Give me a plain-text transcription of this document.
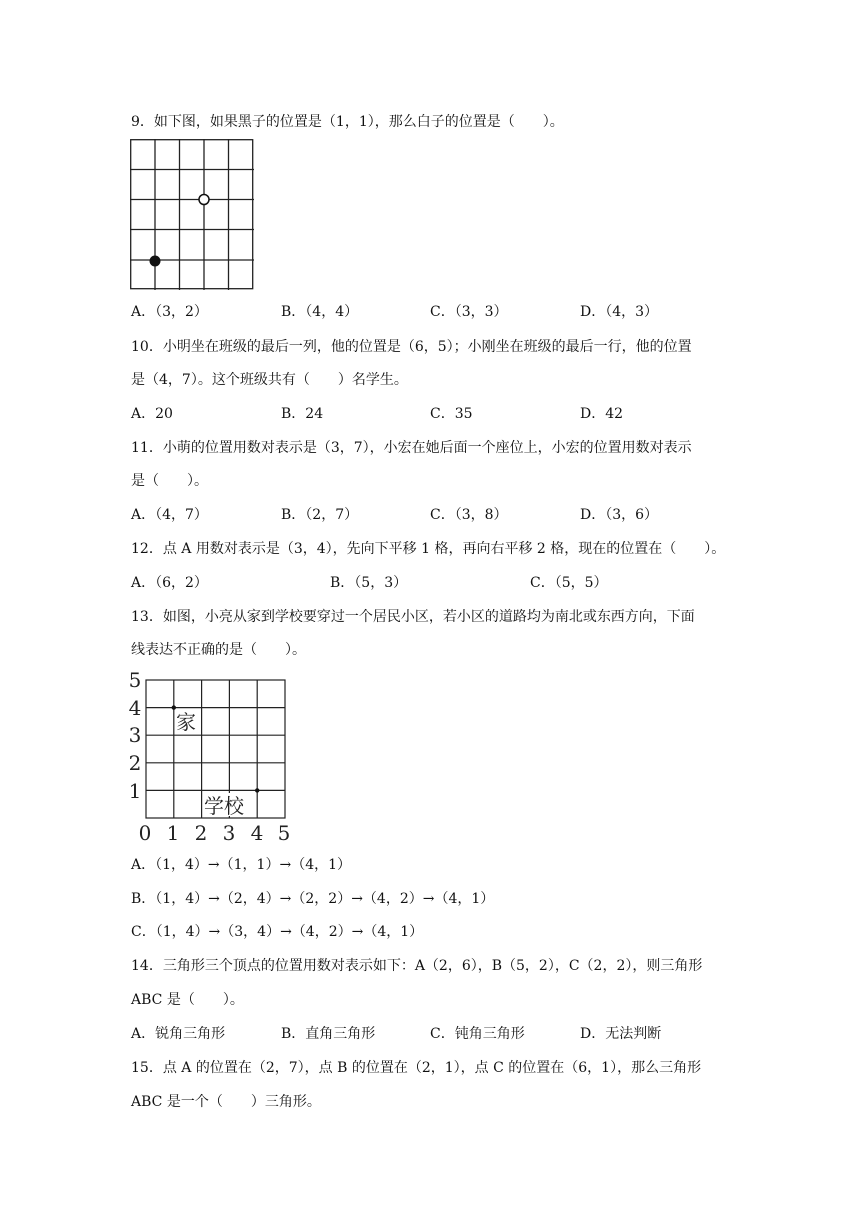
9．如下图，如果黑子的位置是（1，1），那么白子的位置是（　　）。
A．（3，2）	B．（4，4）	C．（3，3）	D．（4，3）
10．小明坐在班级的最后一列，他的位置是（6，5）；小刚坐在班级的最后一行，他的位置
是（4，7）。这个班级共有（　　）名学生。
A．20	B．24	C．35	D．42
11．小萌的位置用数对表示是（3，7），小宏在她后面一个座位上，小宏的位置用数对表示
是（　　）。
A．（4，7）	B．（2，7）	C．（3，8）	D．（3，6）
12．点 A 用数对表示是（3，4），先向下平移 1 格，再向右平移 2 格，现在的位置在（　　）。
A．（6，2）	B．（5，3）	C．（5，5）
13．如图，小亮从家到学校要穿过一个居民小区，若小区的道路均为南北或东西方向，下面
线表达不正确的是（　　）。
家
学校
5
4
3
2
1
0 1 2 3 4 5
A．（1，4）→（1，1）→（4，1）
B．（1，4）→（2，4）→（2，2）→（4，2）→（4，1）
C．（1，4）→（3，4）→（4，2）→（4，1）
14．三角形三个顶点的位置用数对表示如下：A（2，6），B（5，2），C（2，2），则三角形
ABC 是（　　）。
A．锐角三角形	B．直角三角形	C．钝角三角形	D．无法判断
15．点 A 的位置在（2，7），点 B 的位置在（2，1），点 C 的位置在（6，1），那么三角形
ABC 是一个（　　）三角形。
